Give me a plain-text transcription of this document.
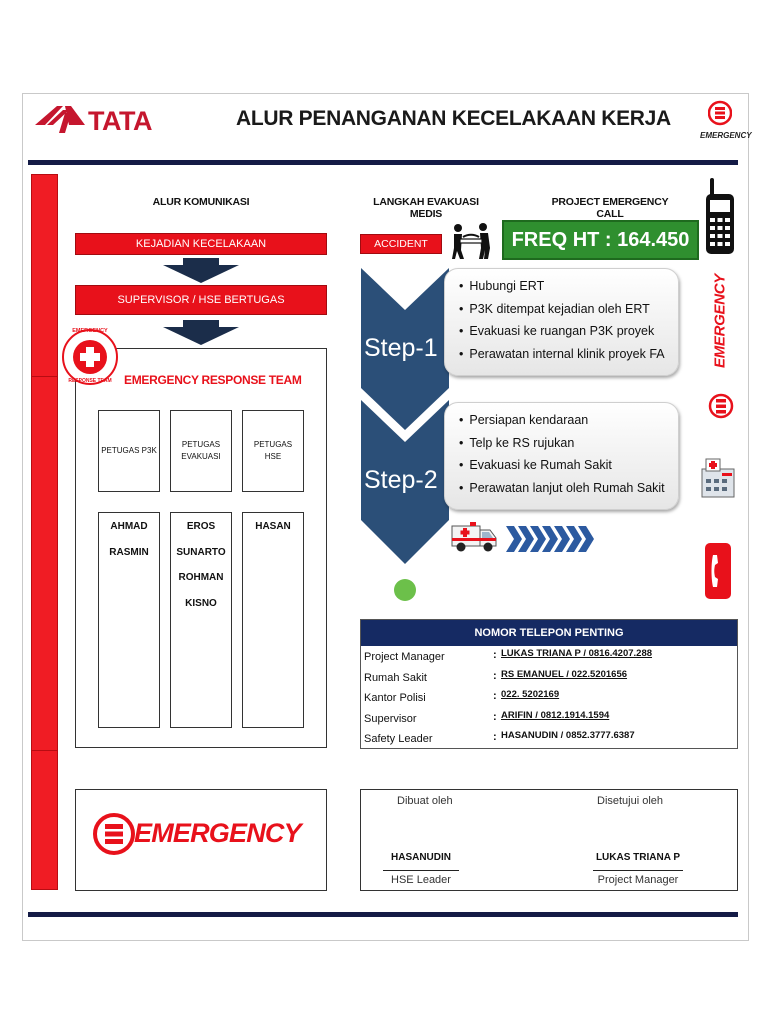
TATA	ALUR PENANGANAN KECELAKAAN KERJA
EMERGENCY
ALUR KOMUNIKASI
KEJADIAN KECELAKAAN
SUPERVISOR / HSE BERTUGAS
EMERGENCY
RESPONSE TEAM	EMERGENCY RESPONSE TEAM
PETUGAS P3K
PETUGAS EVAKUASI
PETUGAS HSE
AHMAD
RASMIN
EROS
SUNARTO
ROHMAN
KISNO
HASAN
LANGKAH EVAKUASI MEDIS
PROJECT EMERGENCY CALL
ACCIDENT	FREQ HT : 164.450
EMERGENCY
Step-1
Step-2
• Hubungi ERT
• P3K ditempat kejadian oleh ERT
• Evakuasi ke ruangan P3K proyek
• Perawatan internal klinik proyek FA
• Persiapan kendaraan
• Telp ke RS rujukan
• Evakuasi ke Rumah Sakit
• Perawatan lanjut oleh Rumah Sakit
NOMOR TELEPON PENTING
Project Manager	: LUKAS TRIANA P / 0816.4207.288
Rumah Sakit	: RS EMANUEL / 022.5201656
Kantor Polisi	: 022. 5202169
Supervisor	: ARIFIN / 0812.1914.1594
Safety Leader	: HASANUDIN / 0852.3777.6387
EMERGENCY
Dibuat oleh	Disetujui oleh
HASANUDIN
HSE Leader
LUKAS TRIANA P
Project Manager
